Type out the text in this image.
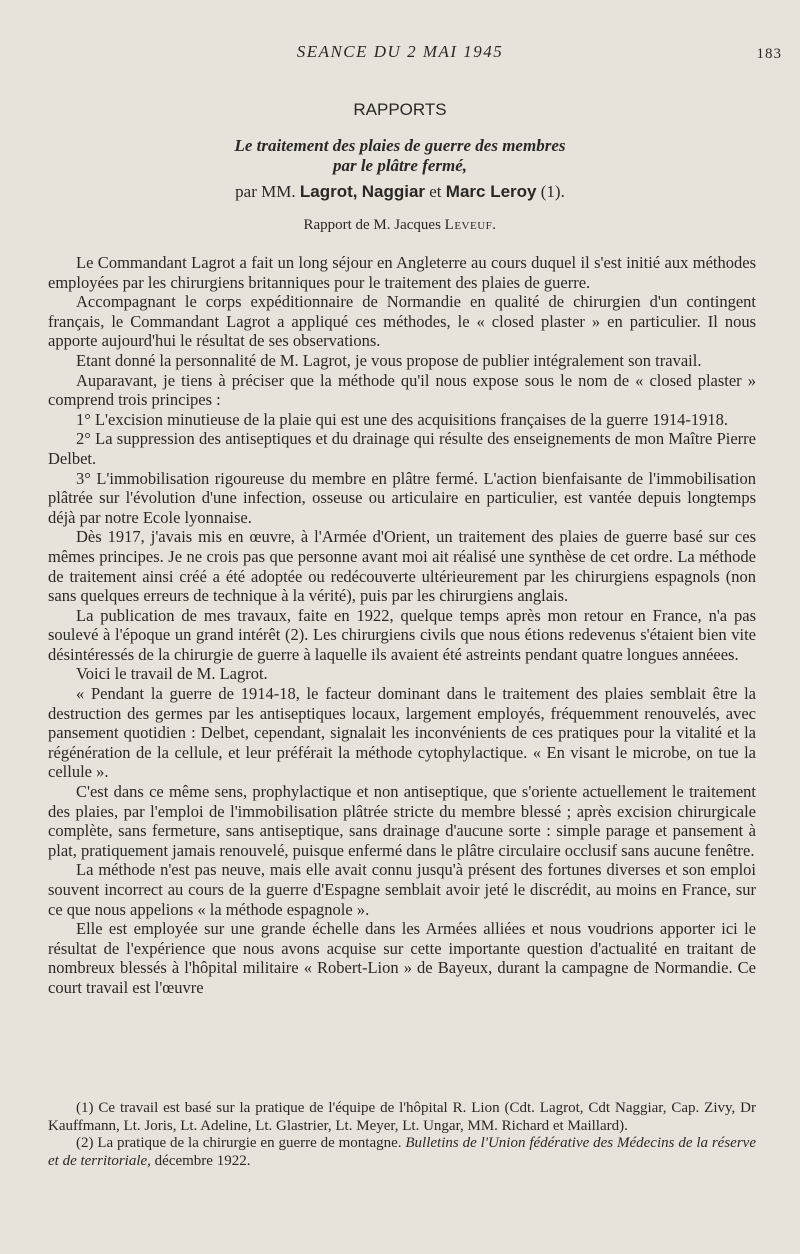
SEANCE DU 2 MAI 1945	183
RAPPORTS
Le traitement des plaies de guerre des membres
par le plâtre fermé,
par MM. Lagrot, Naggiar et Marc Leroy (1).
Rapport de M. Jacques Leveuf.

Le Commandant Lagrot a fait un long séjour en Angleterre au cours duquel il s'est initié aux méthodes employées par les chirurgiens britanniques pour le traitement des plaies de guerre.

Accompagnant le corps expéditionnaire de Normandie en qualité de chirurgien d'un contingent français, le Commandant Lagrot a appliqué ces méthodes, le « closed plaster » en particulier. Il nous apporte aujourd'hui le résultat de ses observations.

Etant donné la personnalité de M. Lagrot, je vous propose de publier intégralement son travail.

Auparavant, je tiens à préciser que la méthode qu'il nous expose sous le nom de « closed plaster » comprend trois principes :

1° L'excision minutieuse de la plaie qui est une des acquisitions françaises de la guerre 1914-1918.

2° La suppression des antiseptiques et du drainage qui résulte des enseignements de mon Maître Pierre Delbet.

3° L'immobilisation rigoureuse du membre en plâtre fermé. L'action bienfaisante de l'immobilisation plâtrée sur l'évolution d'une infection, osseuse ou articulaire en particulier, est vantée depuis longtemps déjà par notre Ecole lyonnaise.

Dès 1917, j'avais mis en œuvre, à l'Armée d'Orient, un traitement des plaies de guerre basé sur ces mêmes principes. Je ne crois pas que personne avant moi ait réalisé une synthèse de cet ordre. La méthode de traitement ainsi créé a été adoptée ou redécouverte ultérieurement par les chirurgiens espagnols (non sans quelques erreurs de technique à la vérité), puis par les chirurgiens anglais.

La publication de mes travaux, faite en 1922, quelque temps après mon retour en France, n'a pas soulevé à l'époque un grand intérêt (2). Les chirurgiens civils que nous étions redevenus s'étaient bien vite désintéressés de la chirurgie de guerre à laquelle ils avaient été astreints pendant quatre longues annéees.

Voici le travail de M. Lagrot.

« Pendant la guerre de 1914-18, le facteur dominant dans le traitement des plaies semblait être la destruction des germes par les antiseptiques locaux, largement employés, fréquemment renouvelés, avec pansement quotidien : Delbet, cependant, signalait les inconvénients de ces pratiques pour la vitalité et la régénération de la cellule, et leur préférait la méthode cytophylactique. « En visant le microbe, on tue la cellule ».

C'est dans ce même sens, prophylactique et non antiseptique, que s'oriente actuellement le traitement des plaies, par l'emploi de l'immobilisation plâtrée stricte du membre blessé ; après excision chirurgicale complète, sans fermeture, sans antiseptique, sans drainage d'aucune sorte : simple parage et pansement à plat, pratiquement jamais renouvelé, puisque enfermé dans le plâtre circulaire occlusif sans aucune fenêtre.

La méthode n'est pas neuve, mais elle avait connu jusqu'à présent des fortunes diverses et son emploi souvent incorrect au cours de la guerre d'Espagne semblait avoir jeté le discrédit, au moins en France, sur ce que nous appelions « la méthode espagnole ».

Elle est employée sur une grande échelle dans les Armées alliées et nous voudrions apporter ici le résultat de l'expérience que nous avons acquise sur cette importante question d'actualité en traitant de nombreux blessés à l'hôpital militaire « Robert-Lion » de Bayeux, durant la campagne de Normandie. Ce court travail est l'œuvre

(1) Ce travail est basé sur la pratique de l'équipe de l'hôpital R. Lion (Cdt. Lagrot, Cdt Naggiar, Cap. Zivy, Dr Kauffmann, Lt. Joris, Lt. Adeline, Lt. Glastrier, Lt. Meyer, Lt. Ungar, MM. Richard et Maillard).

(2) La pratique de la chirurgie en guerre de montagne. Bulletins de l'Union fédérative des Médecins de la réserve et de territoriale, décembre 1922.
